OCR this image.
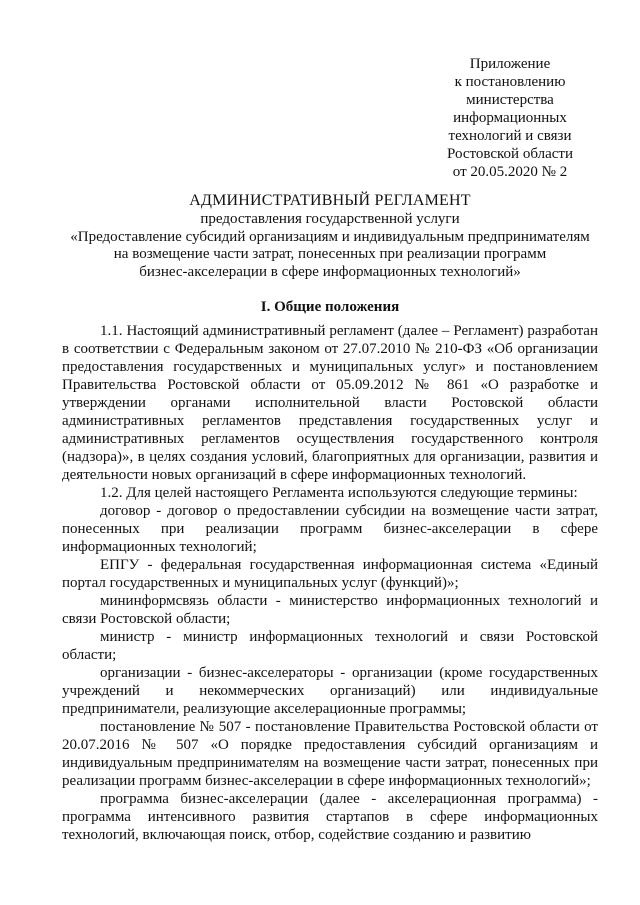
Приложение
к постановлению
министерства
информационных
технологий и связи
Ростовской области
от 20.05.2020 № 2
АДМИНИСТРАТИВНЫЙ РЕГЛАМЕНТ
предоставления государственной услуги
«Предоставление субсидий организациям и индивидуальным предпринимателям
на возмещение части затрат, понесенных при реализации программ
бизнес-акселерации в сфере информационных технологий»
I. Общие положения

1.1. Настоящий административный регламент (далее – Регламент) разработан в соответствии с Федеральным законом от 27.07.2010 № 210-ФЗ «Об организации предоставления государственных и муниципальных услуг» и постановлением Правительства Ростовской области от 05.09.2012 № 861 «О разработке и утверждении органами исполнительной власти Ростовской области административных регламентов представления государственных услуг и административных регламентов осуществления государственного контроля (надзора)», в целях создания условий, благоприятных для организации, развития и деятельности новых организаций в сфере информационных технологий.

1.2. Для целей настоящего Регламента используются следующие термины:

договор - договор о предоставлении субсидии на возмещение части затрат, понесенных при реализации программ бизнес-акселерации в сфере информационных технологий;

ЕПГУ - федеральная государственная информационная система «Единый портал государственных и муниципальных услуг (функций)»;

мининформсвязь области - министерство информационных технологий и связи Ростовской области;

министр - министр информационных технологий и связи Ростовской области;

организации - бизнес-акселераторы - организации (кроме государственных учреждений и некоммерческих организаций) или индивидуальные предприниматели, реализующие акселерационные программы;

постановление № 507 - постановление Правительства Ростовской области от 20.07.2016 № 507 «О порядке предоставления субсидий организациям и индивидуальным предпринимателям на возмещение части затрат, понесенных при реализации программ бизнес-акселерации в сфере информационных технологий»;

программа бизнес-акселерации (далее - акселерационная программа) - программа интенсивного развития стартапов в сфере информационных технологий, включающая поиск, отбор, содействие созданию и развитию
